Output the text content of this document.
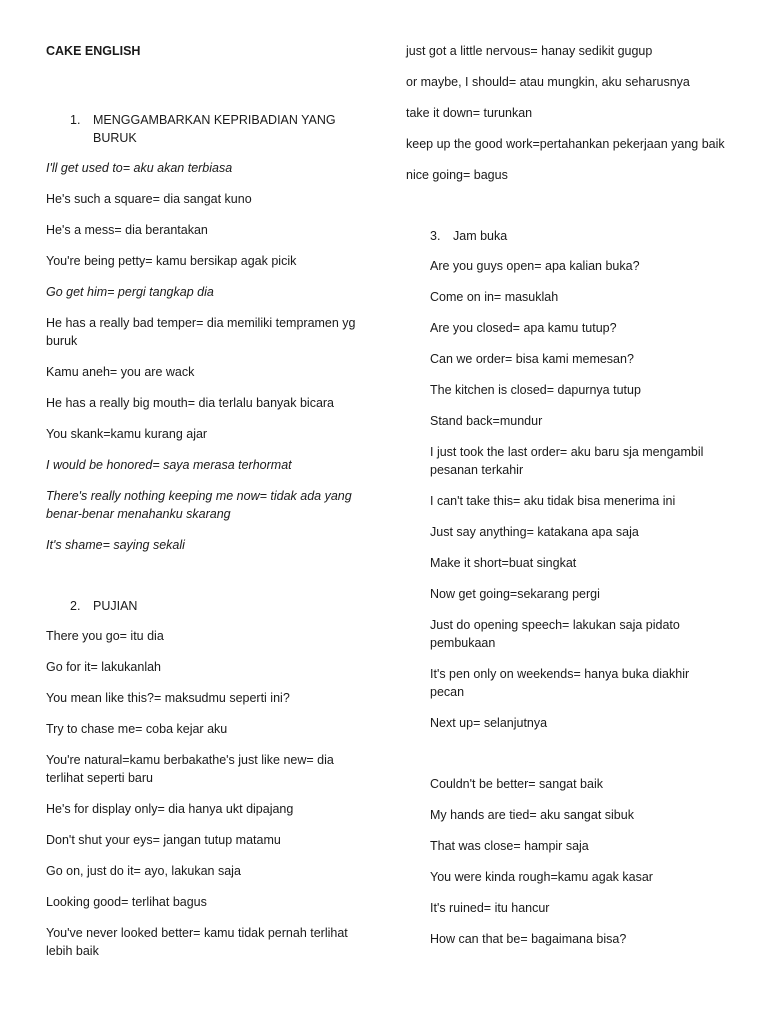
CAKE ENGLISH
1. MENGGAMBARKAN KEPRIBADIAN YANG BURUK
I'll get used to= aku akan terbiasa
He's such a square= dia sangat kuno
He's a mess= dia berantakan
You're being petty= kamu bersikap agak picik
Go get him= pergi tangkap dia
He has a really bad temper= dia memiliki tempramen yg buruk
Kamu aneh= you are wack
He has a really big mouth= dia terlalu banyak bicara
You skank=kamu kurang ajar
I would be honored= saya merasa terhormat
There's really nothing keeping me now= tidak ada yang benar-benar menahanku skarang
It's shame= saying sekali
2. PUJIAN
There you go= itu dia
Go for it= lakukanlah
You mean like this?= maksudmu seperti ini?
Try to chase me= coba kejar aku
You're natural=kamu berbakathe's just like new= dia terlihat seperti baru
He's for display only= dia hanya ukt dipajang
Don't shut your eys= jangan tutup matamu
Go on, just do it= ayo, lakukan saja
Looking good= terlihat bagus
You've never looked better= kamu tidak pernah terlihat lebih baik
just got a little nervous= hanay sedikit gugup
or maybe, I should= atau mungkin, aku seharusnya
take it down= turunkan
keep up the good work=pertahankan pekerjaan yang baik
nice going= bagus
3. Jam buka
Are you guys open= apa kalian buka?
Come on in= masuklah
Are you closed= apa kamu tutup?
Can we order= bisa kami memesan?
The kitchen is closed= dapurnya tutup
Stand back=mundur
I just took the last order= aku baru sja mengambil pesanan terkahir
I can't take this= aku tidak bisa menerima ini
Just say anything= katakana apa saja
Make it short=buat singkat
Now get going=sekarang pergi
Just do opening speech= lakukan saja pidato pembukaan
It's pen only on weekends= hanya buka diakhir pecan
Next up= selanjutnya
Couldn't be better= sangat baik
My hands are tied= aku sangat sibuk
That was close= hampir saja
You were kinda rough=kamu agak kasar
It's ruined= itu hancur
How can that be= bagaimana bisa?
